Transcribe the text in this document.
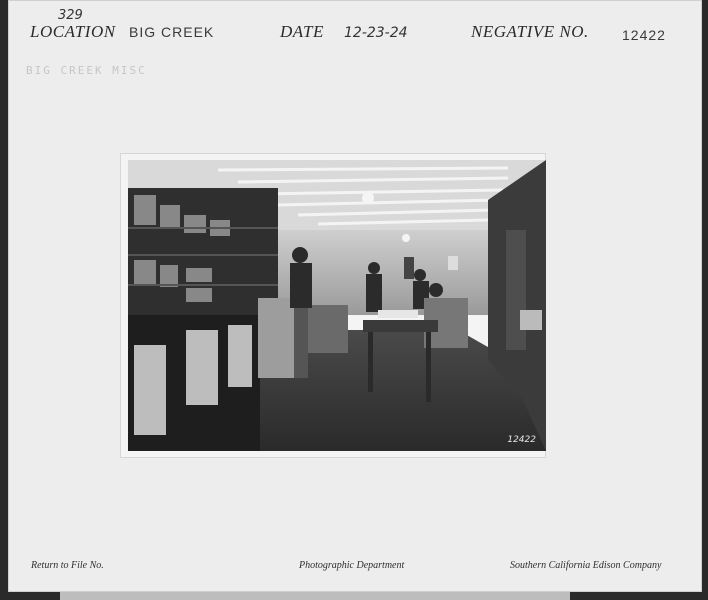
329
LOCATION BIG CREEK	DATE 12-23-24	NEGATIVE NO. 12422
BIG CREEK MISC
12422
Return to File No.	Photographic Department	Southern California Edison Company
